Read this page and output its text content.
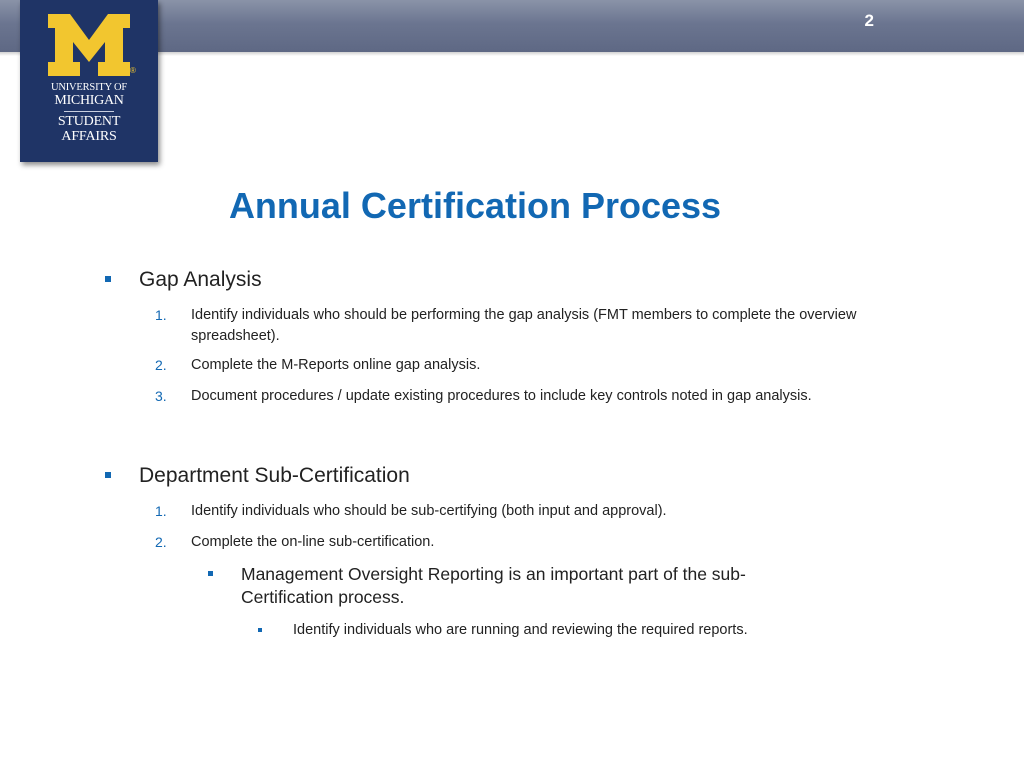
2
®
UNIVERSITY OF
MICHIGAN
STUDENT
AFFAIRS
Annual Certification Process
Gap Analysis
1.	Identify individuals who should be performing the gap analysis (FMT members to complete the overview spreadsheet).
2.	Complete the M-Reports online gap analysis.
3.	Document procedures / update existing procedures to include key controls noted in gap analysis.
Department Sub-Certification
1.	Identify individuals who should be sub-certifying (both input and approval).
2.	Complete the on-line sub-certification.
Management Oversight Reporting is an important part of the sub-Certification process.
Identify individuals who are running and reviewing the required reports.
